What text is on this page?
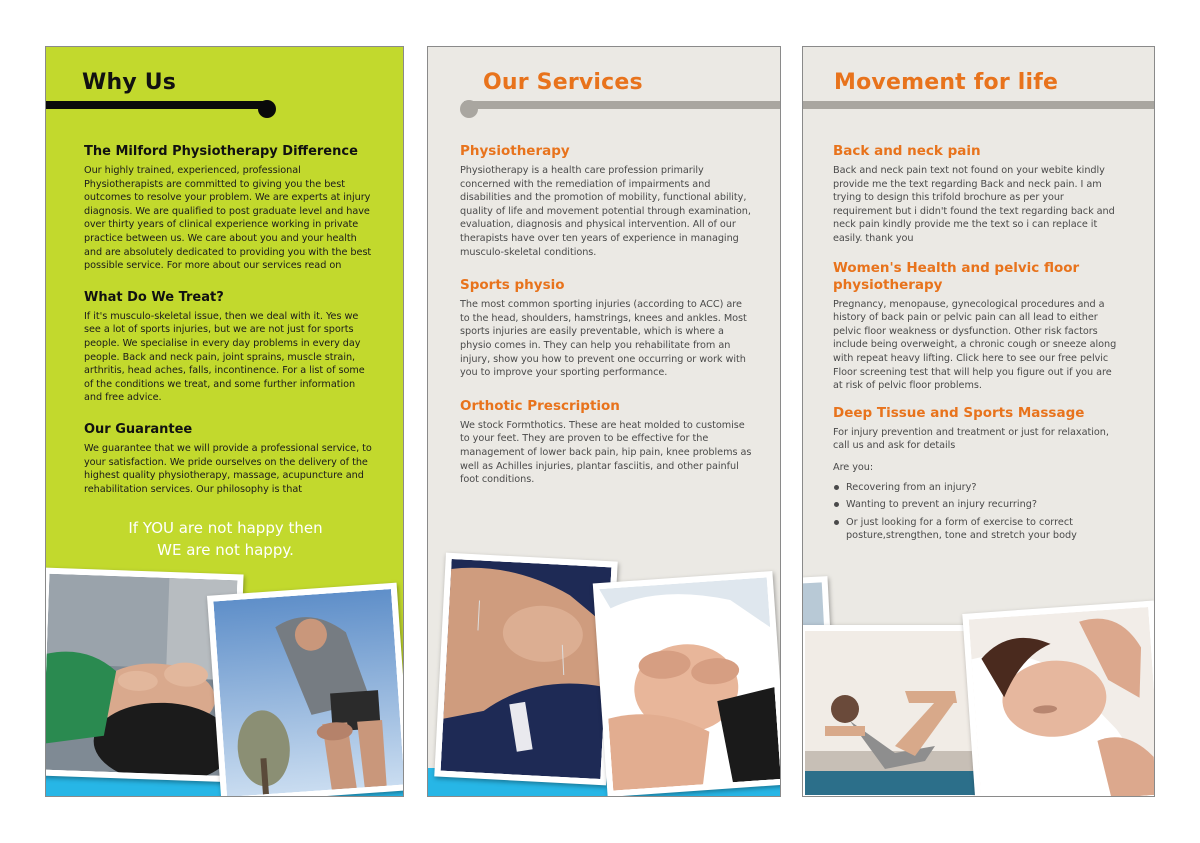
Why Us
The Milford Physiotherapy Difference
Our highly trained, experienced, professional Physiotherapists are committed to giving you the best outcomes to resolve your problem. We are experts at injury diagnosis. We are qualified to post graduate level and have over thirty years of clinical experience working in private practice between us. We care about you and your health and are absolutely dedicated to providing you with the best possible service. For more about our services read on
What Do We Treat?
If it's musculo-skeletal issue, then we deal with it. Yes we see a lot of sports injuries, but we are not just for sports people. We specialise in every day problems in every day people. Back and neck pain, joint sprains, muscle strain, arthritis, head aches, falls, incontinence. For a list of some of the conditions we treat, and some further information and free advice.
Our Guarantee
We guarantee that we will provide a professional service, to your satisfaction. We pride ourselves on the delivery of the highest quality physiotherapy, massage, acupuncture and rehabilitation services. Our philosophy is that
If YOU are not happy then
WE are not happy.
Our Services
Physiotherapy
Physiotherapy is a health care profession primarily concerned with the remediation of impairments and disabilities and the promotion of mobility, functional ability, quality of life and movement potential through examination, evaluation, diagnosis and physical intervention. All of our therapists have over ten years of experience in managing musculo-skeletal conditions.
Sports physio
The most common sporting injuries (according to ACC) are to the head, shoulders, hamstrings, knees and ankles. Most sports injuries are easily preventable, which is where a physio comes in. They can help you rehabilitate from an injury, show you how to prevent one occurring or work with you to improve your sporting performance.
Orthotic Prescription
We stock Formthotics. These are heat molded to customise to your feet. They are proven to be effective for the management of lower back pain, hip pain, knee problems as well as Achilles injuries, plantar fasciitis, and other painful foot conditions.
Movement for life
Back and neck pain
Back and neck pain text not found on your webite kindly provide me the text regarding Back and neck pain. I am trying to design this trifold brochure as per your requirement but i didn't found the text regarding back and neck pain kindly provide me the text so i can replace it easily. thank you
Women's Health and pelvic floor physiotherapy
Pregnancy, menopause, gynecological procedures and a history of back pain or pelvic pain can all lead to either pelvic floor weakness or dysfunction. Other risk factors include being overweight, a chronic cough or sneeze along with repeat heavy lifting. Click here to see our free pelvic Floor screening test that will help you figure out if you are at risk of pelvic floor problems.
Deep Tissue and Sports Massage
For injury prevention and treatment or just for relaxation, call us and ask for details
Are you:
Recovering from an injury?
Wanting to prevent an injury recurring?
Or just looking for a form of exercise to correct posture,strengthen, tone and stretch your body
